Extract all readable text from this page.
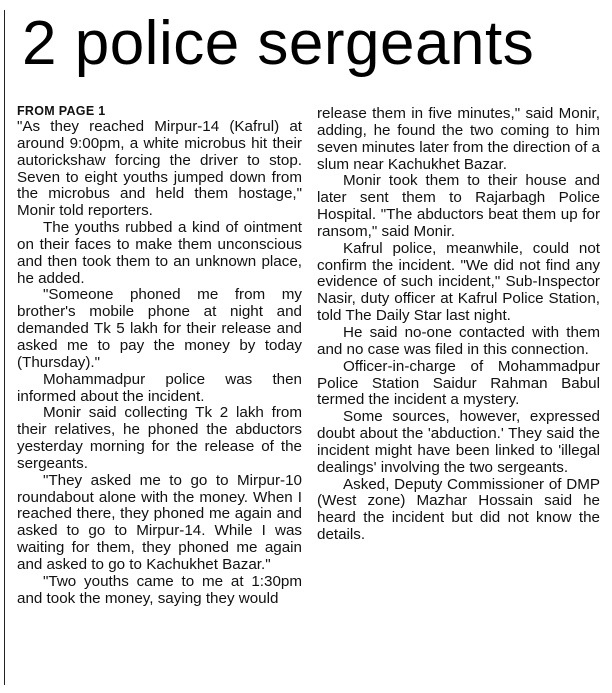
2 police sergeants
FROM PAGE 1

"As they reached Mirpur-14 (Kafrul) at around 9:00pm, a white microbus hit their autorickshaw forcing the driver to stop. Seven to eight youths jumped down from the microbus and held them hostage," Monir told reporters.

The youths rubbed a kind of ointment on their faces to make them unconscious and then took them to an unknown place, he added.

"Someone phoned me from my brother's mobile phone at night and demanded Tk 5 lakh for their release and asked me to pay the money by today (Thursday)."

Mohammadpur police was then informed about the incident.

Monir said collecting Tk 2 lakh from their relatives, he phoned the abductors yesterday morning for the release of the sergeants.

"They asked me to go to Mirpur-10 roundabout alone with the money. When I reached there, they phoned me again and asked to go to Mirpur-14. While I was waiting for them, they phoned me again and asked to go to Kachukhet Bazar."

"Two youths came to me at 1:30pm and took the money, saying they would

release them in five minutes," said Monir, adding, he found the two coming to him seven minutes later from the direction of a slum near Kachukhet Bazar.

Monir took them to their house and later sent them to Rajarbagh Police Hospital. "The abductors beat them up for ransom," said Monir.

Kafrul police, meanwhile, could not confirm the incident. "We did not find any evidence of such incident," Sub-Inspector Nasir, duty officer at Kafrul Police Station, told The Daily Star last night.

He said no-one contacted with them and no case was filed in this connection.

Officer-in-charge of Mohammadpur Police Station Saidur Rahman Babul termed the incident a mystery.

Some sources, however, expressed doubt about the 'abduction.' They said the incident might have been linked to 'illegal dealings' involving the two sergeants.

Asked, Deputy Commissioner of DMP (West zone) Mazhar Hossain said he heard the incident but did not know the details.
